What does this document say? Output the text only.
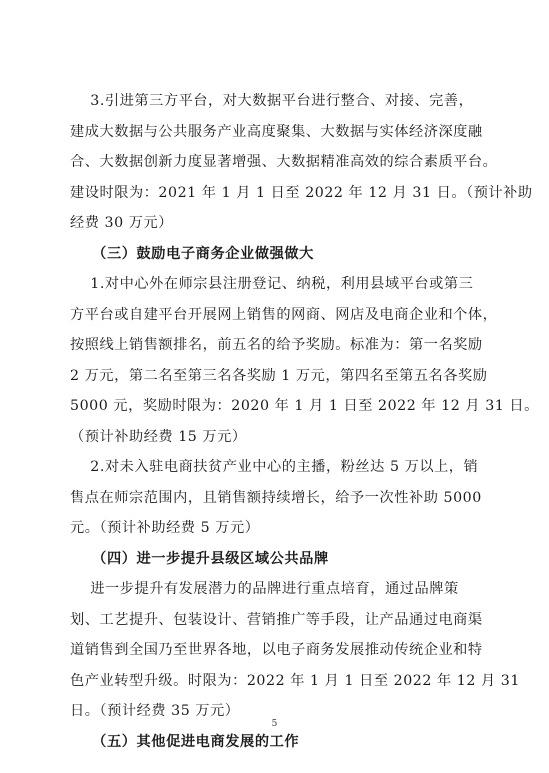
3.引进第三方平台，对大数据平台进行整合、对接、完善，
建成大数据与公共服务产业高度聚集、大数据与实体经济深度融
合、大数据创新力度显著增强、大数据精准高效的综合素质平台。
建设时限为：2021 年 1 月 1 日至 2022 年 12 月 31 日。（预计补助
经费 30 万元）
（三）鼓励电子商务企业做强做大
1.对中心外在师宗县注册登记、纳税，利用县域平台或第三
方平台或自建平台开展网上销售的网商、网店及电商企业和个体，
按照线上销售额排名，前五名的给予奖励。标准为：第一名奖励
2 万元，第二名至第三名各奖励 1 万元，第四名至第五名各奖励
5000 元，奖励时限为：2020 年 1 月 1 日至 2022 年 12 月 31 日。
（预计补助经费 15 万元）
2.对未入驻电商扶贫产业中心的主播，粉丝达 5 万以上，销
售点在师宗范围内，且销售额持续增长，给予一次性补助 5000
元。（预计补助经费 5 万元）
（四）进一步提升县级区域公共品牌
进一步提升有发展潜力的品牌进行重点培育，通过品牌策
划、工艺提升、包装设计、营销推广等手段，让产品通过电商渠
道销售到全国乃至世界各地，以电子商务发展推动传统企业和特
色产业转型升级。时限为：2022 年 1 月 1 日至 2022 年 12 月 31
日。（预计经费 35 万元）
（五）其他促进电商发展的工作
5
